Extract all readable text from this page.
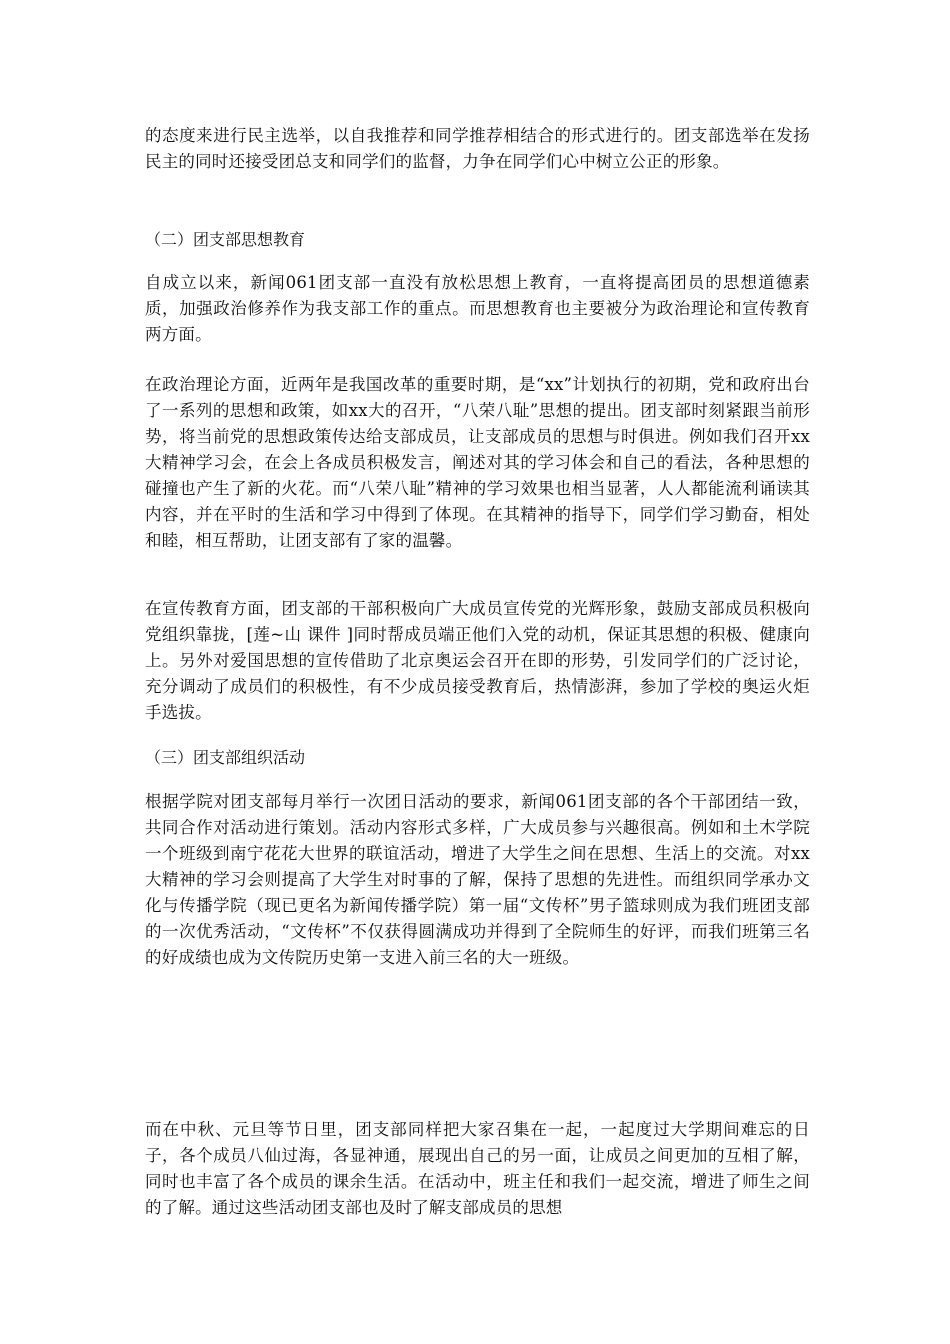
的态度来进行民主选举，以自我推荐和同学推荐相结合的形式进行的。团支部选举在发扬民主的同时还接受团总支和同学们的监督，力争在同学们心中树立公正的形象。

（二）团支部思想教育

自成立以来，新闻061团支部一直没有放松思想上教育，一直将提高团员的思想道德素质，加强政治修养作为我支部工作的重点。而思想教育也主要被分为政治理论和宣传教育两方面。

在政治理论方面，近两年是我国改革的重要时期，是“xx”计划执行的初期，党和政府出台了一系列的思想和政策，如xx大的召开，“八荣八耻”思想的提出。团支部时刻紧跟当前形势，将当前党的思想政策传达给支部成员，让支部成员的思想与时俱进。例如我们召开xx大精神学习会，在会上各成员积极发言，阐述对其的学习体会和自己的看法，各种思想的碰撞也产生了新的火花。而“八荣八耻”精神的学习效果也相当显著，人人都能流利诵读其内容，并在平时的生活和学习中得到了体现。在其精神的指导下，同学们学习勤奋，相处和睦，相互帮助，让团支部有了家的温馨。

在宣传教育方面，团支部的干部积极向广大成员宣传党的光辉形象，鼓励支部成员积极向党组织靠拢，[莲~山 课件 ]同时帮成员端正他们入党的动机，保证其思想的积极、健康向上。另外对爱国思想的宣传借助了北京奥运会召开在即的形势，引发同学们的广泛讨论，充分调动了成员们的积极性，有不少成员接受教育后，热情澎湃，参加了学校的奥运火炬手选拔。

（三）团支部组织活动

根据学院对团支部每月举行一次团日活动的要求，新闻061团支部的各个干部团结一致，共同合作对活动进行策划。活动内容形式多样，广大成员参与兴趣很高。例如和土木学院一个班级到南宁花花大世界的联谊活动，增进了大学生之间在思想、生活上的交流。对xx大精神的学习会则提高了大学生对时事的了解，保持了思想的先进性。而组织同学承办文化与传播学院（现已更名为新闻传播学院）第一届“文传杯”男子篮球则成为我们班团支部的一次优秀活动，“文传杯”不仅获得圆满成功并得到了全院师生的好评，而我们班第三名的好成绩也成为文传院历史第一支进入前三名的大一班级。

而在中秋、元旦等节日里，团支部同样把大家召集在一起，一起度过大学期间难忘的日子，各个成员八仙过海，各显神通，展现出自己的另一面，让成员之间更加的互相了解，同时也丰富了各个成员的课余生活。在活动中，班主任和我们一起交流，增进了师生之间的了解。通过这些活动团支部也及时了解支部成员的思想
